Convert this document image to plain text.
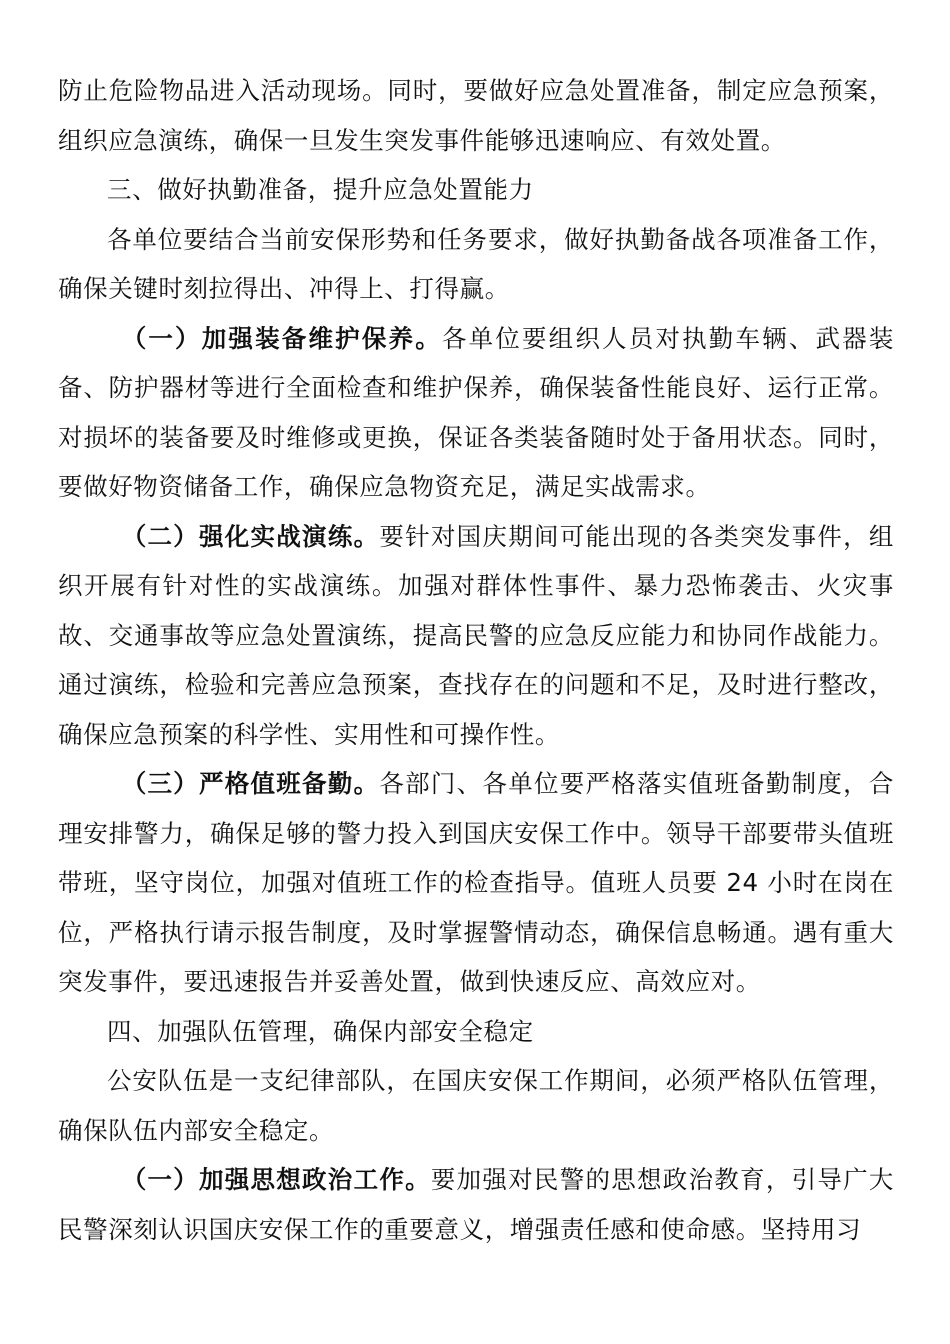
防止危险物品进入活动现场。同时，要做好应急处置准备，制定应急预案，组织应急演练，确保一旦发生突发事件能够迅速响应、有效处置。

三、做好执勤准备，提升应急处置能力

各单位要结合当前安保形势和任务要求，做好执勤备战各项准备工作，确保关键时刻拉得出、冲得上、打得赢。

（一）加强装备维护保养。各单位要组织人员对执勤车辆、武器装备、防护器材等进行全面检查和维护保养，确保装备性能良好、运行正常。对损坏的装备要及时维修或更换，保证各类装备随时处于备用状态。同时，要做好物资储备工作，确保应急物资充足，满足实战需求。

（二）强化实战演练。要针对国庆期间可能出现的各类突发事件，组织开展有针对性的实战演练。加强对群体性事件、暴力恐怖袭击、火灾事故、交通事故等应急处置演练，提高民警的应急反应能力和协同作战能力。通过演练，检验和完善应急预案，查找存在的问题和不足，及时进行整改，确保应急预案的科学性、实用性和可操作性。

（三）严格值班备勤。各部门、各单位要严格落实值班备勤制度，合理安排警力，确保足够的警力投入到国庆安保工作中。领导干部要带头值班带班，坚守岗位，加强对值班工作的检查指导。值班人员要 24 小时在岗在位，严格执行请示报告制度，及时掌握警情动态，确保信息畅通。遇有重大突发事件，要迅速报告并妥善处置，做到快速反应、高效应对。

四、加强队伍管理，确保内部安全稳定

公安队伍是一支纪律部队，在国庆安保工作期间，必须严格队伍管理，确保队伍内部安全稳定。

（一）加强思想政治工作。要加强对民警的思想政治教育，引导广大民警深刻认识国庆安保工作的重要意义，增强责任感和使命感。坚持用习
